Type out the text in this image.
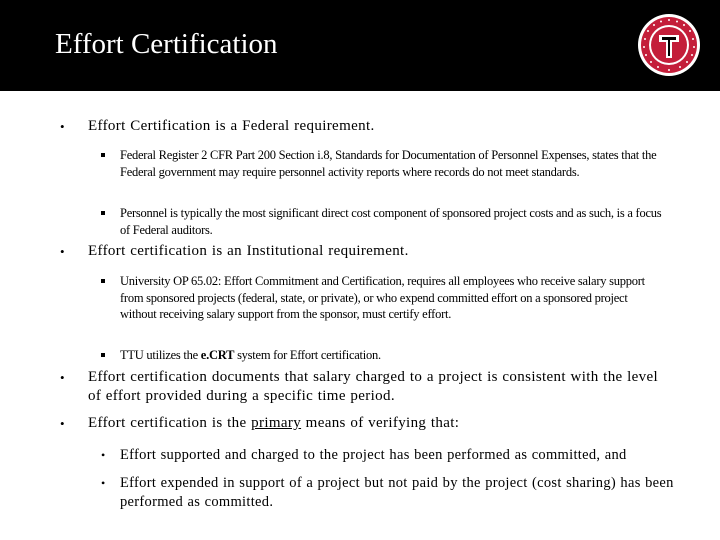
Effort Certification
• Effort Certification is a Federal requirement.
Federal Register 2 CFR Part 200 Section i.8, Standards for Documentation of Personnel Expenses, states that the Federal government may require personnel activity reports where records do not meet standards.
Personnel is typically the most significant direct cost component of sponsored project costs and as such, is a focus of Federal auditors.
• Effort certification is an Institutional requirement.
University OP 65.02: Effort Commitment and Certification, requires all employees who receive salary support from sponsored projects (federal, state, or private), or who expend committed effort on a sponsored project without receiving salary support from the sponsor, must certify effort.
TTU utilizes the e.CRT system for Effort certification.
• Effort certification documents that salary charged to a project is consistent with the level of effort provided during a specific time period.
• Effort certification is the primary means of verifying that:
• Effort supported and charged to the project has been performed as committed, and
• Effort expended in support of a project but not paid by the project (cost sharing) has been performed as committed.
